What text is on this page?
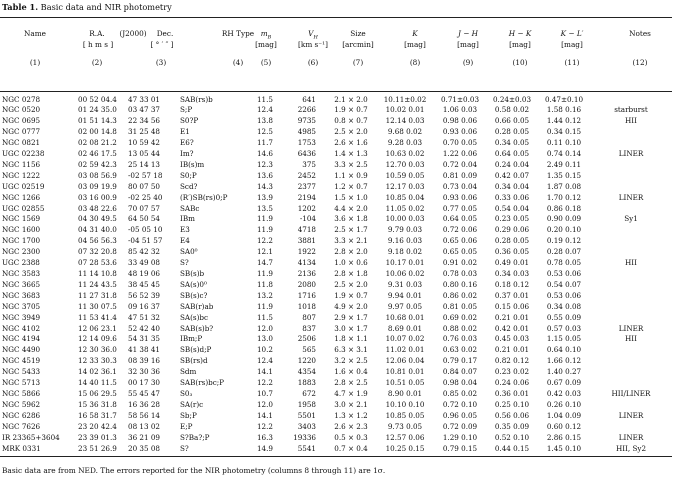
Table 1. Basic data and NIR photometry
Name	R.A.	(J2000)	Dec.	RH Type $m_B$	$V_H$	Size	K	J − H	H − K	K − L′	Notes
[ h m s ]	[ ° ′ ″ ]	[mag]	[km s⁻¹]	[arcmin]	[mag]	[mag]	[mag]	[mag]
(1)	(2)	(3)	(4)	(5)	(6)	(7)	(8)	(9)	(10)	(11)	(12)
NGC 0278	00 52 04.4	47 33 01	SAB(rs)b	11.5	641	2.1 × 2.0	10.11±0.02	0.71±0.03	0.24±0.03	0.47±0.10	
NGC 0520	01 24 35.0	03 47 37	S;P	12.4	2266	1.9 × 0.7	10.02 0.01	1.06 0.03	0.58 0.02	1.58 0.16	starburst
NGC 0695	01 51 14.3	22 34 56	S0?P	13.8	9735	0.8 × 0.7	12.14 0.03	0.98 0.06	0.66 0.05	1.44 0.12	HII
NGC 0777	02 00 14.8	31 25 48	E1	12.5	4985	2.5 × 2.0	9.68 0.02	0.93 0.06	0.28 0.05	0.34 0.15	
NGC 0821	02 08 21.2	10 59 42	E6?	11.7	1753	2.6 × 1.6	9.28 0.03	0.70 0.05	0.34 0.05	0.11 0.10	
UGC 02238	02 46 17.5	13 05 44	Im?	14.6	6436	1.4 × 1.3	10.63 0.02	1.22 0.06	0.64 0.05	0.74 0.14	LINER
NGC 1156	02 59 42.3	25 14 13	IB(s)m	12.3	375	3.3 × 2.5	12.70 0.03	0.72 0.04	0.24 0.04	2.49 0.11	
NGC 1222	03 08 56.9	-02 57 18	S0;P	13.6	2452	1.1 × 0.9	10.59 0.05	0.81 0.09	0.42 0.07	1.35 0.15	
UGC 02519	03 09 19.9	80 07 50	Scd?	14.3	2377	1.2 × 0.7	12.17 0.03	0.73 0.04	0.34 0.04	1.87 0.08	
NGC 1266	03 16 00.9	-02 25 40	(R′)SB(rs)0;P	13.9	2194	1.5 × 1.0	10.85 0.04	0.93 0.06	0.33 0.06	1.70 0.12	LINER
UGC 02855	03 48 22.6	70 07 57	SABc	13.5	1202	4.4 × 2.0	11.05 0.02	0.77 0.05	0.54 0.04	0.86 0.18	
NGC 1569	04 30 49.5	64 50 54	IBm	11.9	-104	3.6 × 1.8	10.00 0.03	0.64 0.05	0.23 0.05	0.90 0.09	Sy1
NGC 1600	04 31 40.0	-05 05 10	E3	11.9	4718	2.5 × 1.7	9.79 0.03	0.72 0.06	0.29 0.06	0.20 0.10	
NGC 1700	04 56 56.3	-04 51 57	E4	12.2	3881	3.3 × 2.1	9.16 0.03	0.65 0.06	0.28 0.05	0.19 0.12	
NGC 2300	07 32 20.8	85 42 32	SA0⁰	12.1	1922	2.8 × 2.0	9.18 0.02	0.65 0.05	0.36 0.05	0.28 0.07	
UGC 2388	07 28 53.6	33 49 08	S?	14.7	4134	1.0 × 0.6	10.17 0.01	0.91 0.02	0.49 0.01	0.78 0.05	HII
NGC 3583	11 14 10.8	48 19 06	SB(s)b	11.9	2136	2.8 × 1.8	10.06 0.02	0.78 0.03	0.34 0.03	0.53 0.06	
NGC 3665	11 24 43.5	38 45 45	SA(s)0⁰	11.8	2080	2.5 × 2.0	9.31 0.03	0.80 0.16	0.18 0.12	0.54 0.07	
NGC 3683	11 27 31.8	56 52 39	SB(s)c?	13.2	1716	1.9 × 0.7	9.94 0.01	0.86 0.02	0.37 0.01	0.53 0.06	
NGC 3705	11 30 07.5	09 16 37	SAB(r)ab	11.9	1018	4.9 × 2.0	9.97 0.05	0.81 0.05	0.15 0.06	0.34 0.08	
NGC 3949	11 53 41.4	47 51 32	SA(s)bc	11.5	807	2.9 × 1.7	10.68 0.01	0.69 0.02	0.21 0.01	0.55 0.09	
NGC 4102	12 06 23.1	52 42 40	SAB(s)b?	12.0	837	3.0 × 1.7	8.69 0.01	0.88 0.02	0.42 0.01	0.57 0.03	LINER
NGC 4194	12 14 09.6	54 31 35	IBm;P	13.0	2506	1.8 × 1.1	10.07 0.02	0.76 0.03	0.45 0.03	1.15 0.05	HII
NGC 4490	12 30 36.0	41 38 41	SB(s)d;P	10.2	565	6.3 × 3.1	11.02 0.01	0.63 0.02	0.21 0.01	0.64 0.10	
NGC 4519	12 33 30.3	08 39 16	SB(rs)d	12.4	1220	3.2 × 2.5	12.06 0.04	0.79 0.17	0.82 0.12	1.66 0.12	
NGC 5433	14 02 36.1	32 30 36	Sdm	14.1	4354	1.6 × 0.4	10.81 0.01	0.84 0.07	0.23 0.02	1.40 0.27	
NGC 5713	14 40 11.5	00 17 30	SAB(rs)bc;P	12.2	1883	2.8 × 2.5	10.51 0.05	0.98 0.04	0.24 0.06	0.67 0.09	
NGC 5866	15 06 29.5	55 45 47	S0₃	10.7	672	4.7 × 1.9	8.90 0.01	0.85 0.02	0.36 0.01	0.42 0.03	HII/LINER
NGC 5962	15 36 31.8	16 36 28	SA(r)c	12.0	1958	3.0 × 2.1	10.10 0.10	0.72 0.10	0.25 0.10	0.26 0.10	
NGC 6286	16 58 31.7	58 56 14	Sb;P	14.1	5501	1.3 × 1.2	10.85 0.05	0.96 0.05	0.56 0.06	1.04 0.09	LINER
NGC 7626	23 20 42.4	08 13 02	E;P	12.2	3403	2.6 × 2.3	9.73 0.05	0.72 0.09	0.35 0.09	0.60 0.12	
IR 23365+3604	23 39 01.3	36 21 09	S?Ba?;P	16.3	19336	0.5 × 0.3	12.57 0.06	1.29 0.10	0.52 0.10	2.86 0.15	LINER
MRK 0331	23 51 26.9	20 35 08	S?	14.9	5541	0.7 × 0.4	10.25 0.15	0.79 0.15	0.44 0.15	1.45 0.10	HII, Sy2
Basic data are from NED. The errors reported for the NIR photometry (columns 8 through 11) are 1σ.
